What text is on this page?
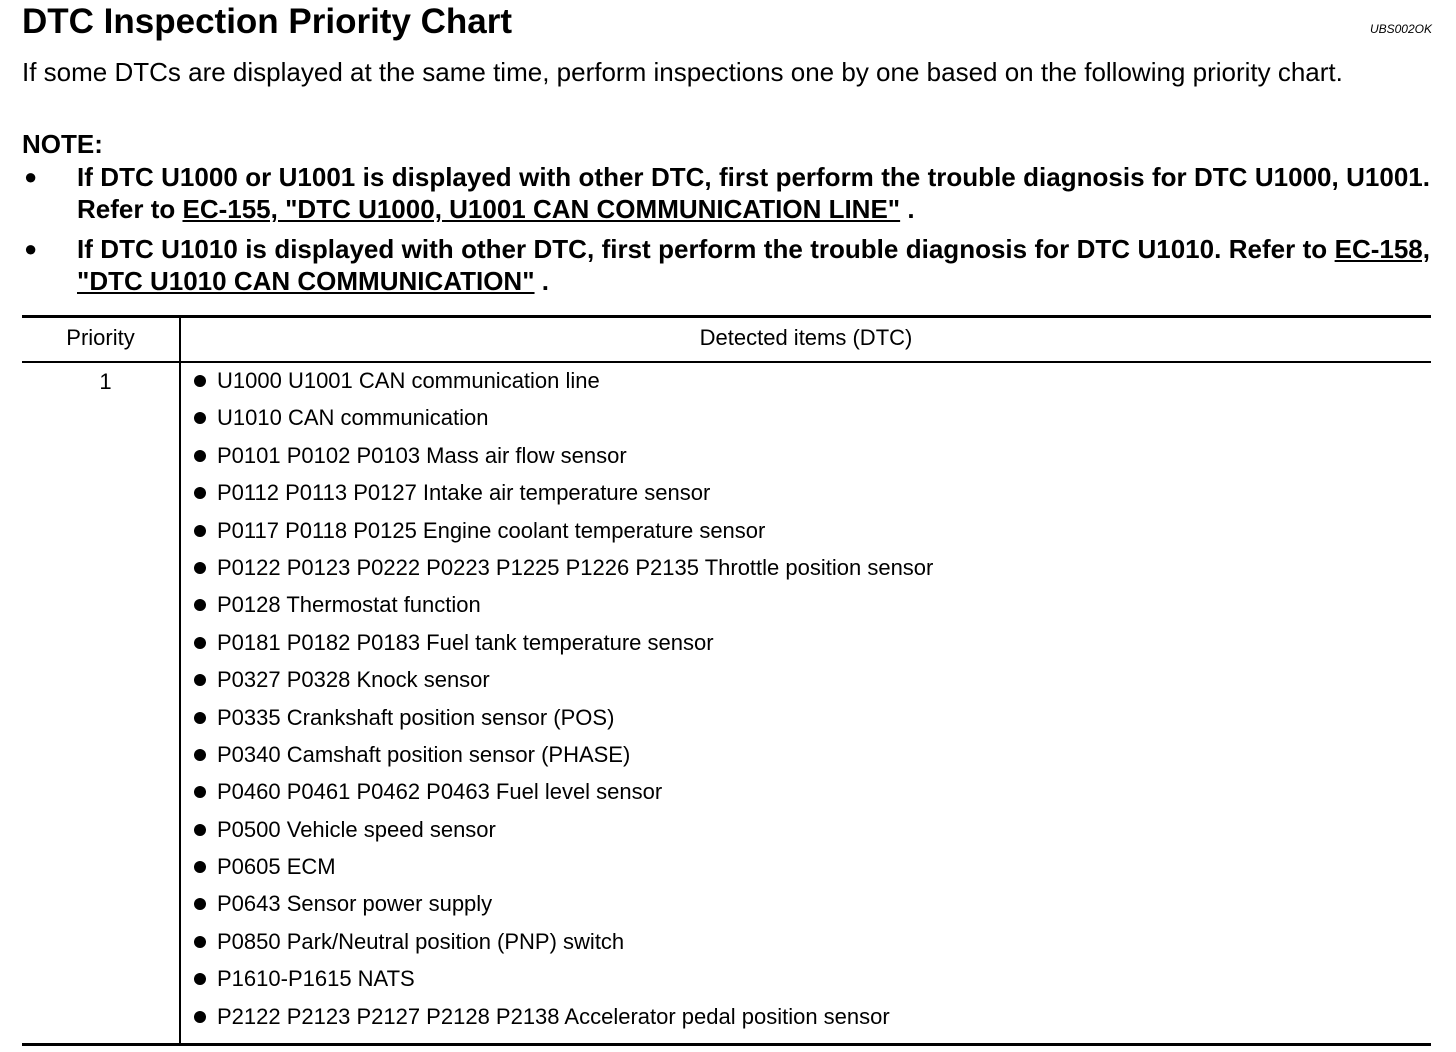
DTC Inspection Priority Chart	UBS002OK
If some DTCs are displayed at the same time, perform inspections one by one based on the following priority chart.
NOTE:
● If DTC U1000 or U1001 is displayed with other DTC, first perform the trouble diagnosis for DTC U1000, U1001. Refer to EC-155, "DTC U1000, U1001 CAN COMMUNICATION LINE" .
● If DTC U1010 is displayed with other DTC, first perform the trouble diagnosis for DTC U1010. Refer to EC-158, "DTC U1010 CAN COMMUNICATION" .
Priority	Detected items (DTC)
1	U1000 U1001 CAN communication line
U1010 CAN communication
P0101 P0102 P0103 Mass air flow sensor
P0112 P0113 P0127 Intake air temperature sensor
P0117 P0118 P0125 Engine coolant temperature sensor
P0122 P0123 P0222 P0223 P1225 P1226 P2135 Throttle position sensor
P0128 Thermostat function
P0181 P0182 P0183 Fuel tank temperature sensor
P0327 P0328 Knock sensor
P0335 Crankshaft position sensor (POS)
P0340 Camshaft position sensor (PHASE)
P0460 P0461 P0462 P0463 Fuel level sensor
P0500 Vehicle speed sensor
P0605 ECM
P0643 Sensor power supply
P0850 Park/Neutral position (PNP) switch
P1610-P1615 NATS
P2122 P2123 P2127 P2128 P2138 Accelerator pedal position sensor
